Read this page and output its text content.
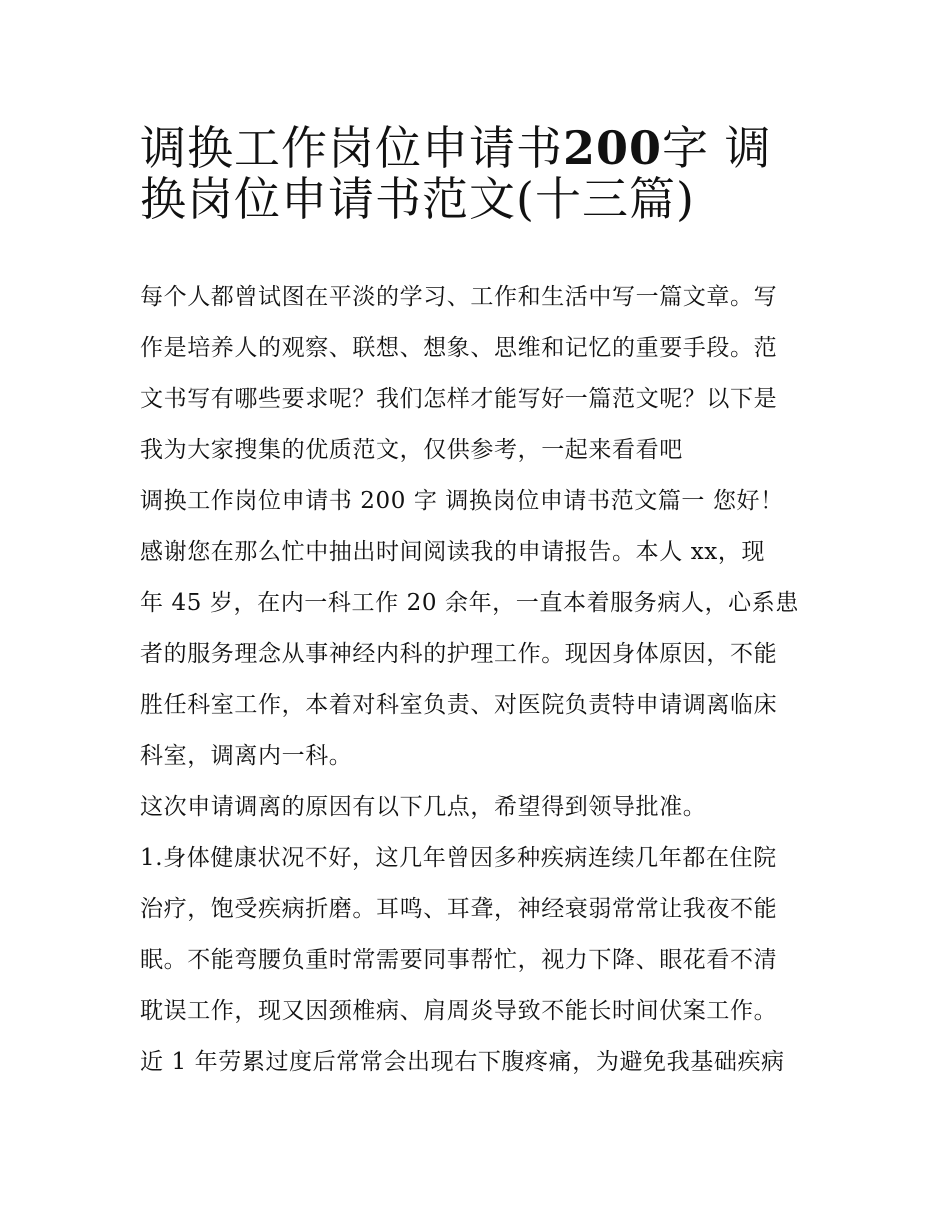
调换工作岗位申请书200字 调
换岗位申请书范文(十三篇)

每个人都曾试图在平淡的学习、工作和生活中写一篇文章。写
作是培养人的观察、联想、想象、思维和记忆的重要手段。范
文书写有哪些要求呢？我们怎样才能写好一篇范文呢？以下是
我为大家搜集的优质范文，仅供参考，一起来看看吧
调换工作岗位申请书 200 字 调换岗位申请书范文篇一 您好！
感谢您在那么忙中抽出时间阅读我的申请报告。本人 xx，现
年 45 岁，在内一科工作 20 余年，一直本着服务病人，心系患
者的服务理念从事神经内科的护理工作。现因身体原因，不能
胜任科室工作，本着对科室负责、对医院负责特申请调离临床
科室，调离内一科。
这次申请调离的原因有以下几点，希望得到领导批准。
1.身体健康状况不好，这几年曾因多种疾病连续几年都在住院
治疗，饱受疾病折磨。耳鸣、耳聋，神经衰弱常常让我夜不能
眠。不能弯腰负重时常需要同事帮忙，视力下降、眼花看不清
耽误工作，现又因颈椎病、肩周炎导致不能长时间伏案工作。
近 1 年劳累过度后常常会出现右下腹疼痛，为避免我基础疾病
